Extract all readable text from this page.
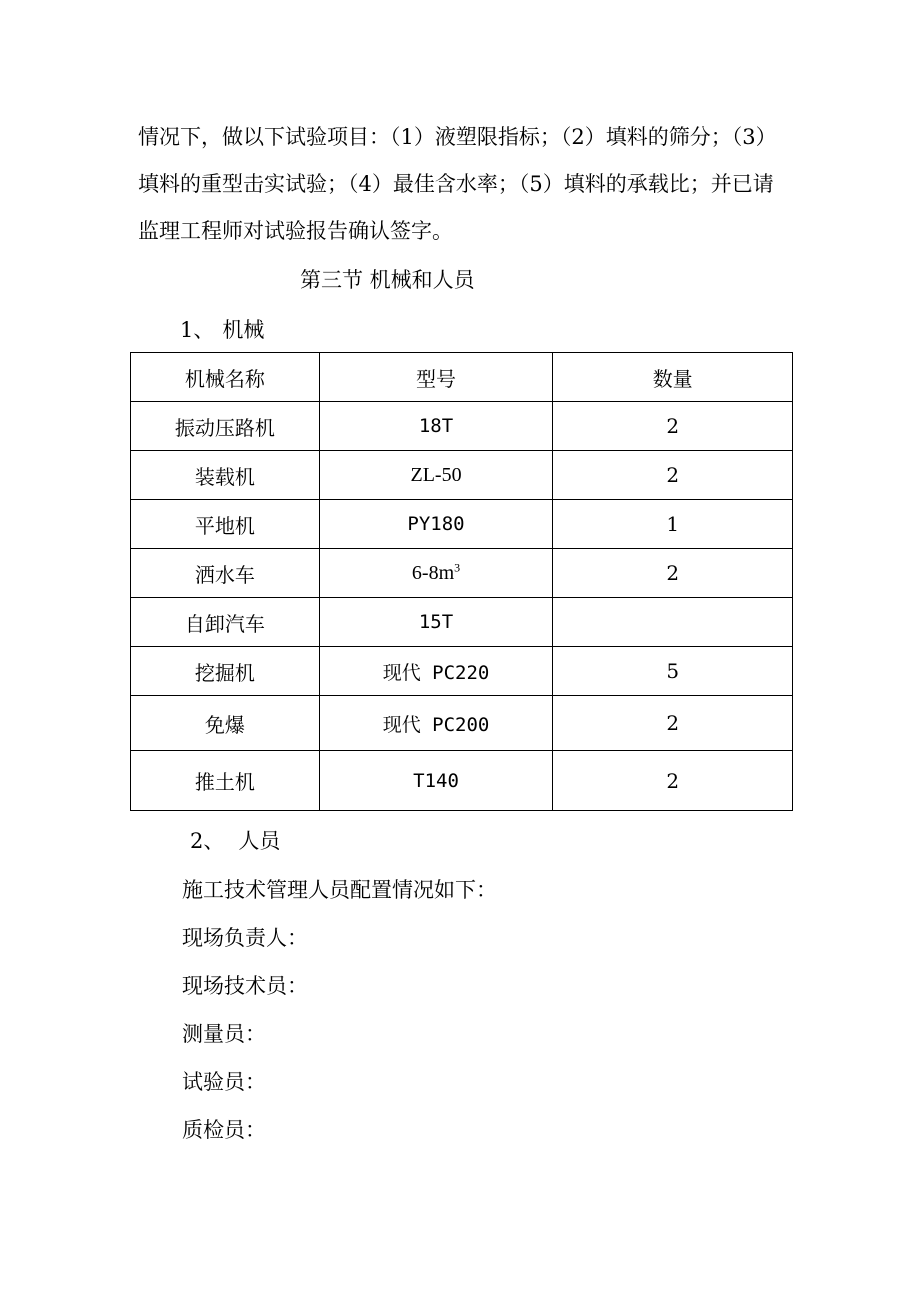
情况下，做以下试验项目：（1）液塑限指标；（2）填料的筛分；（3）
填料的重型击实试验；（4）最佳含水率；（5）填料的承载比；并已请
监理工程师对试验报告确认签字。
第三节 机械和人员
1、 机械
机械名称	型号	数量
振动压路机	18T	2
装载机	ZL-50	2
平地机	PY180	1
洒水车	$6-8m^3$	2
自卸汽车	15T	
挖掘机	现代 PC220	5
免爆	现代 PC200	2
推土机	T140	2
2、 人员
施工技术管理人员配置情况如下：
现场负责人：
现场技术员：
测量员：
试验员：
质检员：
